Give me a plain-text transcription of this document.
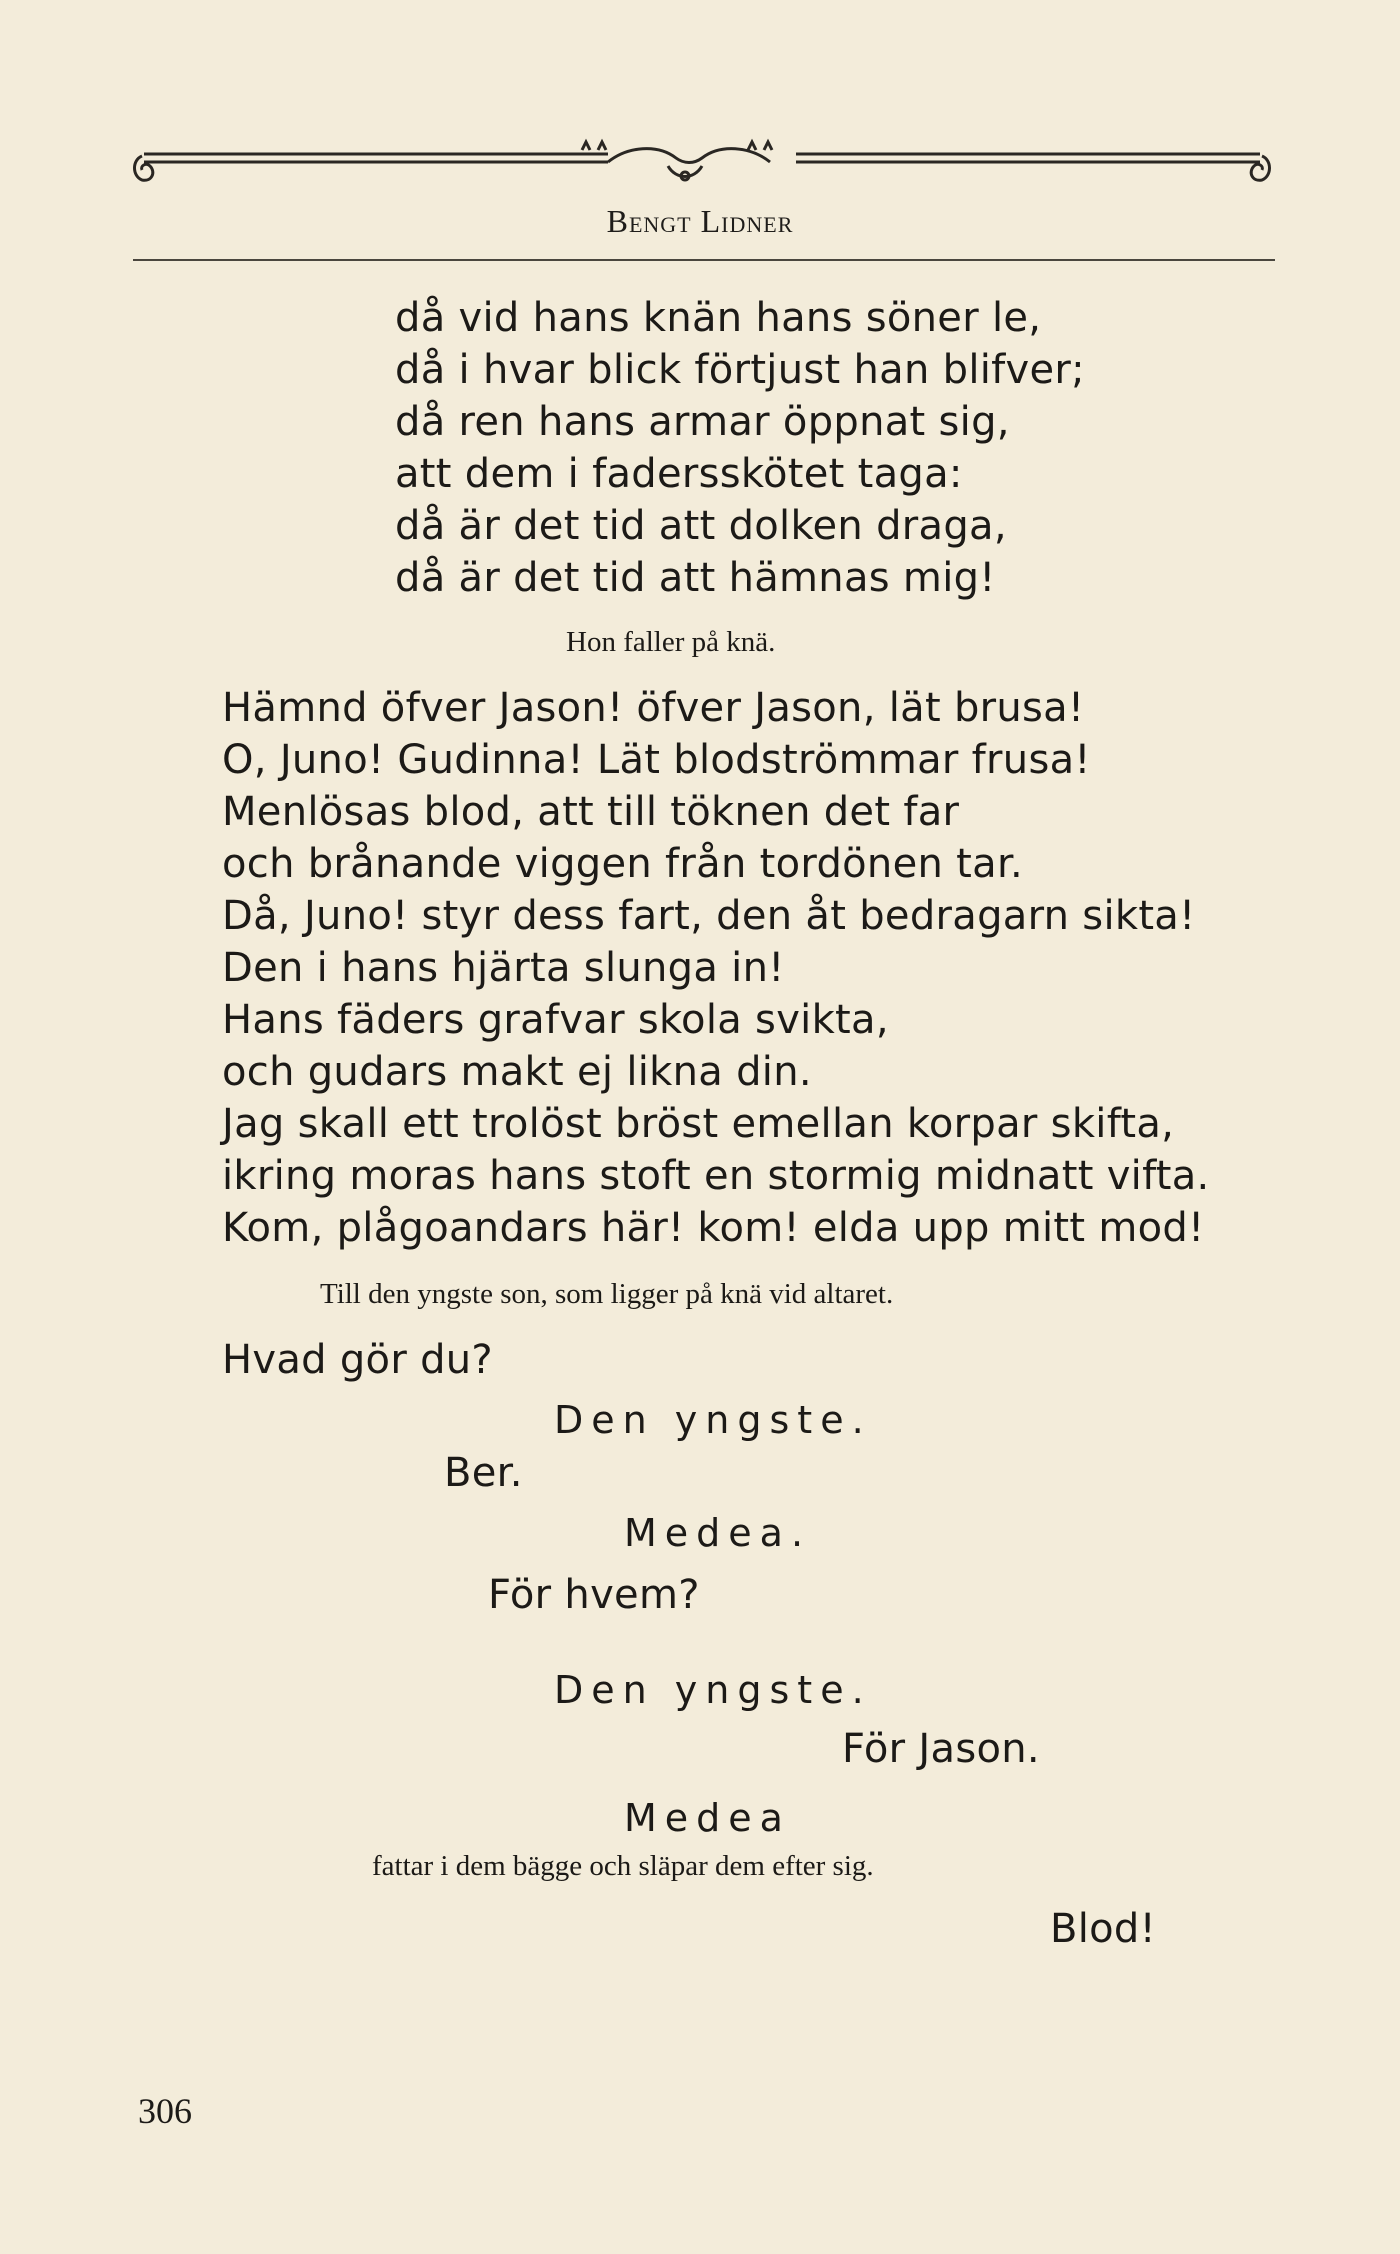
Bengt Lidner
då vid hans knän hans söner le,
då i hvar blick förtjust han blifver;
då ren hans armar öppnat sig,
att dem i fadersskötet taga:
då är det tid att dolken draga,
då är det tid att hämnas mig!
Hon faller på knä.
Hämnd öfver Jason! öfver Jason, lät brusa!
O, Juno! Gudinna! Lät blodströmmar frusa!
Menlösas blod, att till töknen det far
och brånande viggen från tordönen tar.
Då, Juno! styr dess fart, den åt bedragarn sikta!
Den i hans hjärta slunga in!
Hans fäders grafvar skola svikta,
och gudars makt ej likna din.
Jag skall ett trolöst bröst emellan korpar skifta,
ikring moras hans stoft en stormig midnatt vifta.
Kom, plågoandars här! kom! elda upp mitt mod!
Till den yngste son, som ligger på knä vid altaret.
Hvad gör du?
Den yngste.
Ber.
Medea.
För hvem?
Den yngste.
För Jason.
Medea
fattar i dem bägge och släpar dem efter sig.
Blod!
306
